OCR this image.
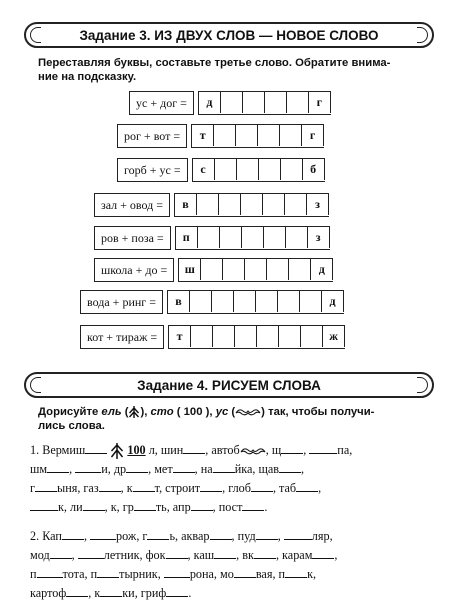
Задание 3. ИЗ ДВУХ СЛОВ — НОВОЕ СЛОВО
Переставляя буквы, составьте третье слово. Обратите внима-
ние на подсказку.
ус + дог =	д	г
рог + вот =	т	г
горб + ус =	с	б
зал + овод =	в	з
ров + поза =	п	з
школа + до =	ш	д
вода + ринг =	в	д
кот + тираж =	т	ж
Задание 4. РИСУЕМ СЛОВА
Дорисуйте ель ( ), сто ( 100 ), ус ( ) так, чтобы получи-
лись слова.

1. Вермиш	100 л, шин , автоб , щ ,	па,

шм , и, др , мет , на йка, щав ,

г ыня, газ , к т, строит , глоб , таб ,

к, ли , к, гр ть, апр , пост .

2. Кап , рож, г ь, аквар , пуд ,	ляр,

мод , летник, фок , каш , вк , карам ,

п тота, п тырник, рона, мо вая, п к,

картоф , к ки, гриф .
